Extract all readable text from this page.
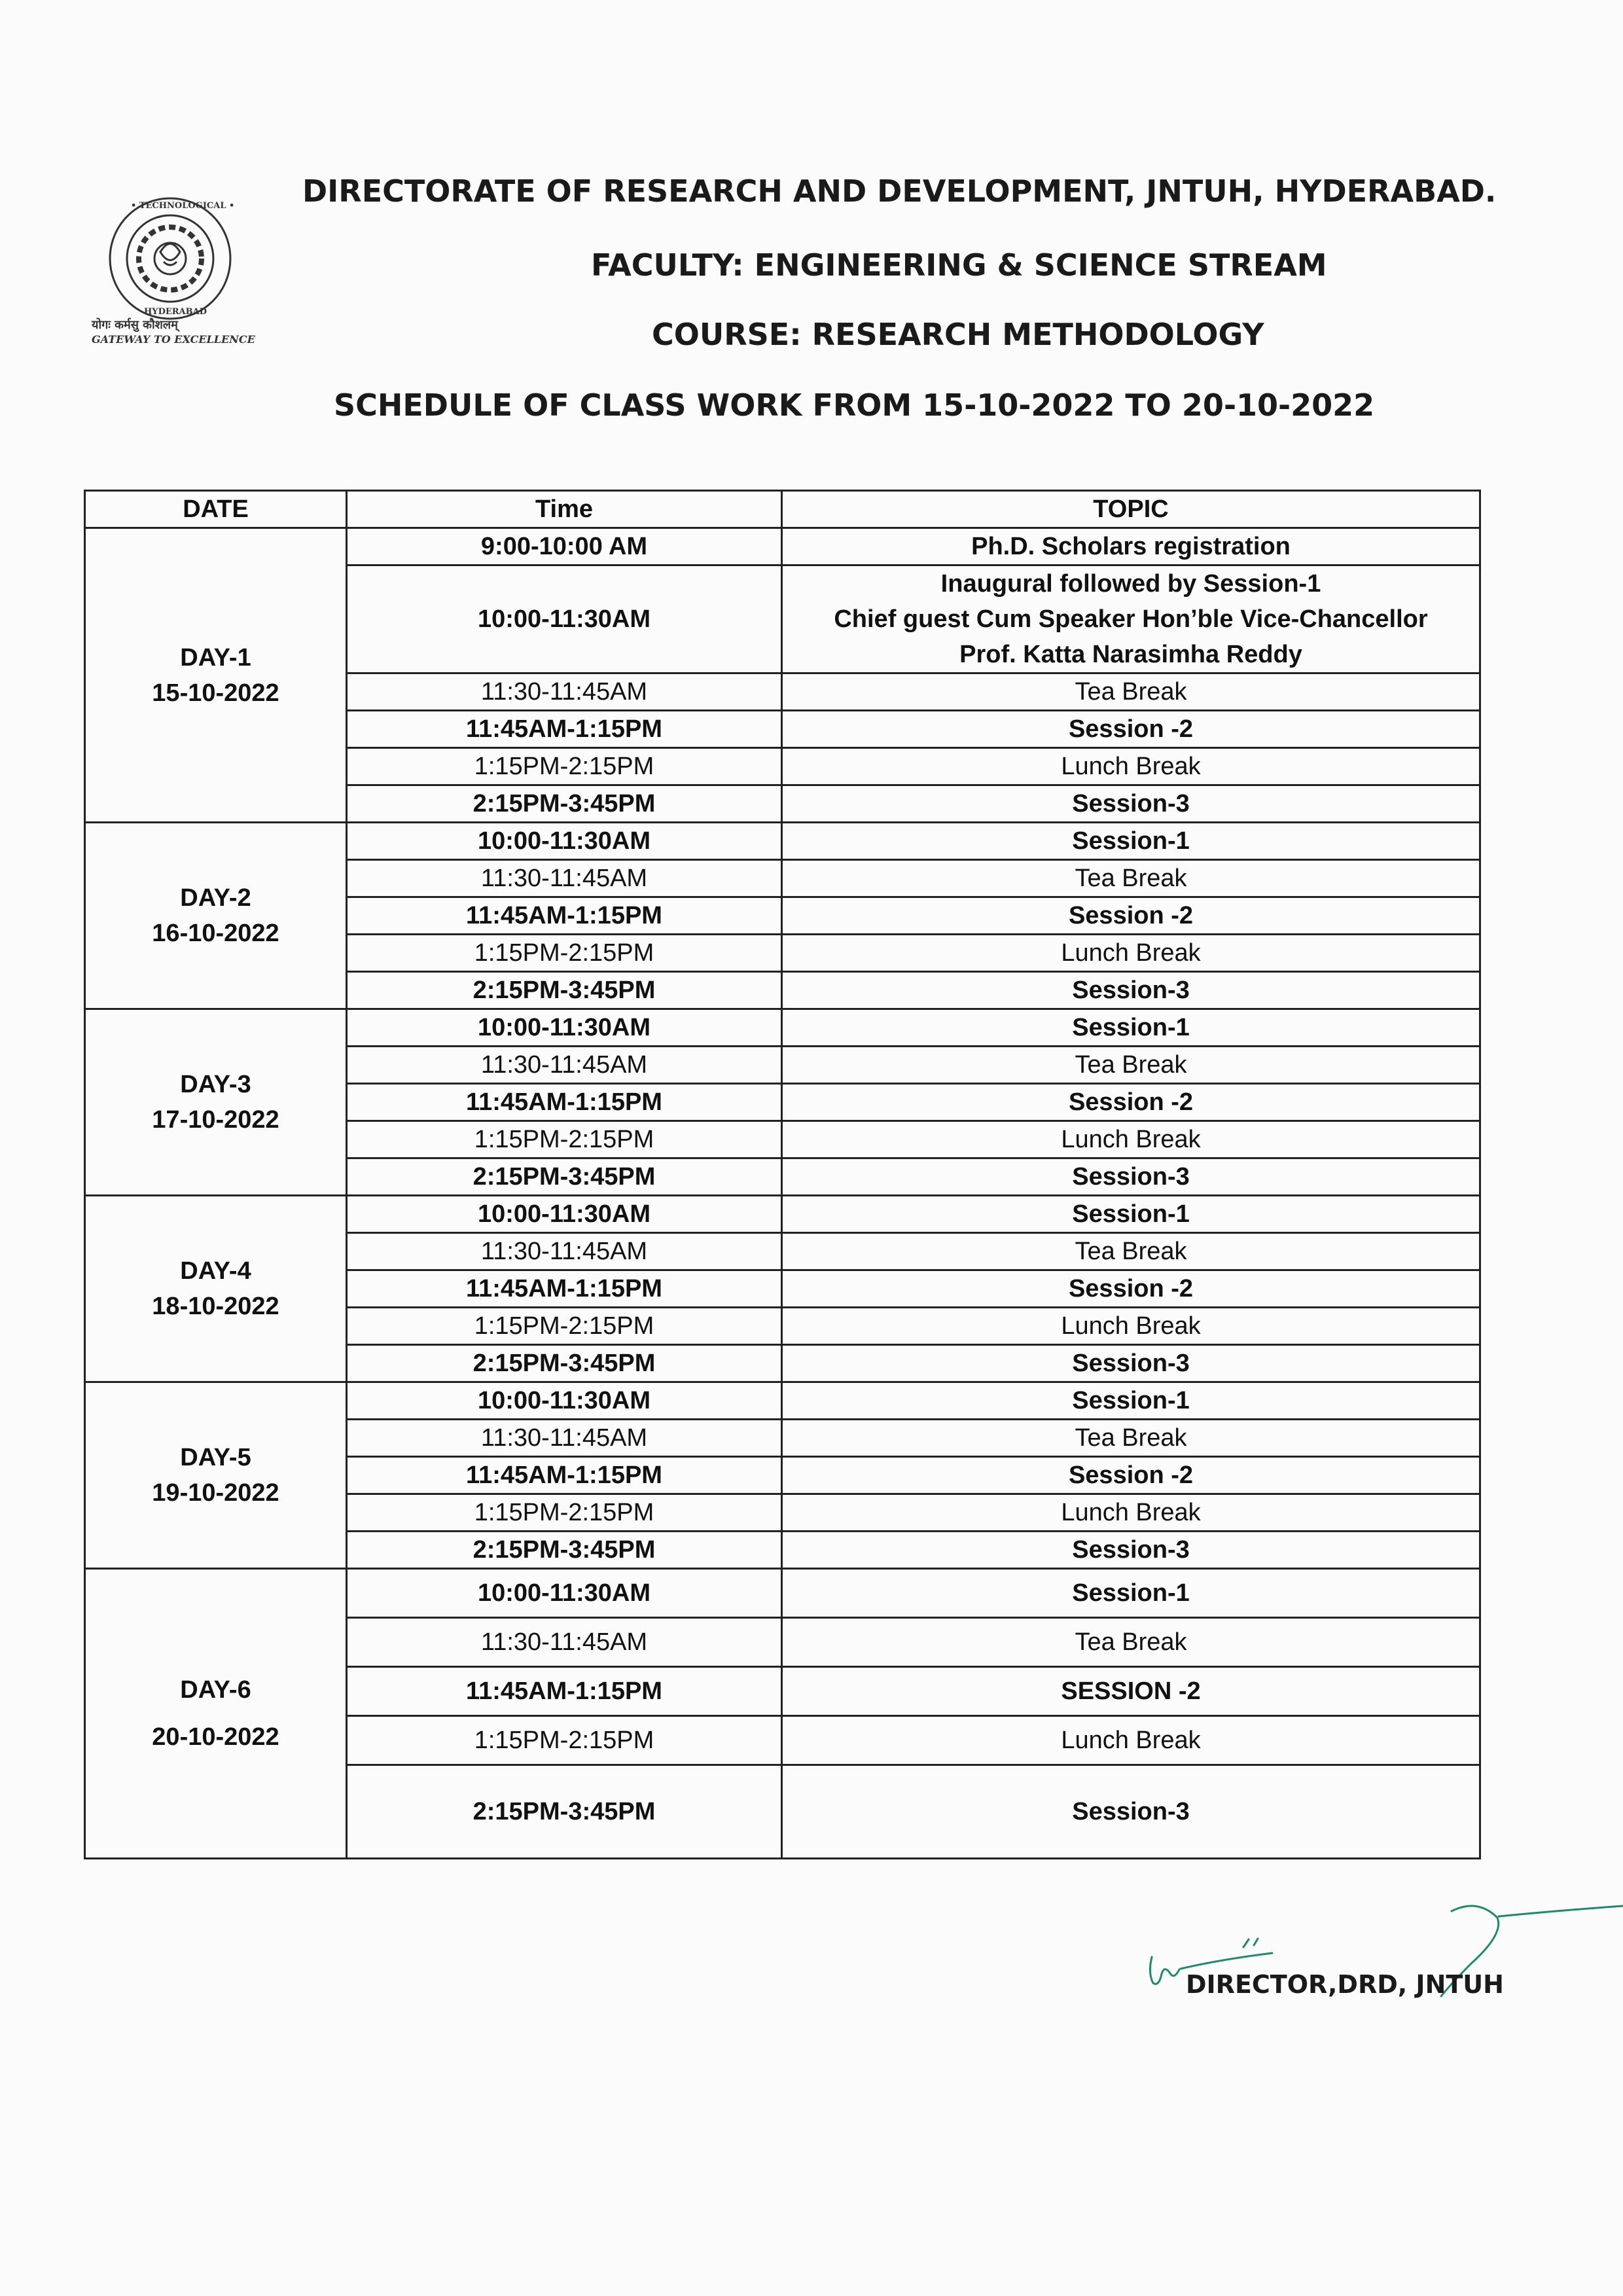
• TECHNOLOGICAL •
HYDERABAD
योगः कर्मसु कौशलम्
GATEWAY TO EXCELLENCE
DIRECTORATE OF RESEARCH AND DEVELOPMENT, JNTUH, HYDERABAD.
FACULTY: ENGINEERING & SCIENCE STREAM
COURSE: RESEARCH METHODOLOGY
SCHEDULE OF CLASS WORK FROM 15-10-2022 TO 20-10-2022
DATE	Time	TOPIC

DAY-1
15-10-2022	9:00-10:00 AM	Ph.D. Scholars registration

	10:00-11:30AM	Inaugural followed by Session-1
Chief guest Cum Speaker Hon’ble Vice-Chancellor
Prof. Katta Narasimha Reddy

	11:30-11:45AM	Tea Break

	11:45AM-1:15PM	Session -2

	1:15PM-2:15PM	Lunch Break

	2:15PM-3:45PM	Session-3

DAY-2
16-10-2022	10:00-11:30AM	Session-1

	11:30-11:45AM	Tea Break

	11:45AM-1:15PM	Session -2

	1:15PM-2:15PM	Lunch Break

	2:15PM-3:45PM	Session-3

DAY-3
17-10-2022	10:00-11:30AM	Session-1

	11:30-11:45AM	Tea Break

	11:45AM-1:15PM	Session -2

	1:15PM-2:15PM	Lunch Break

	2:15PM-3:45PM	Session-3

DAY-4
18-10-2022	10:00-11:30AM	Session-1

	11:30-11:45AM	Tea Break

	11:45AM-1:15PM	Session -2

	1:15PM-2:15PM	Lunch Break

	2:15PM-3:45PM	Session-3

DAY-5
19-10-2022	10:00-11:30AM	Session-1

	11:30-11:45AM	Tea Break

	11:45AM-1:15PM	Session -2

	1:15PM-2:15PM	Lunch Break

	2:15PM-3:45PM	Session-3

DAY-6
20-10-2022	10:00-11:30AM	Session-1

	11:30-11:45AM	Tea Break

	11:45AM-1:15PM	SESSION -2

	1:15PM-2:15PM	Lunch Break

	2:15PM-3:45PM	Session-3
DIRECTOR,DRD, JNTUH
